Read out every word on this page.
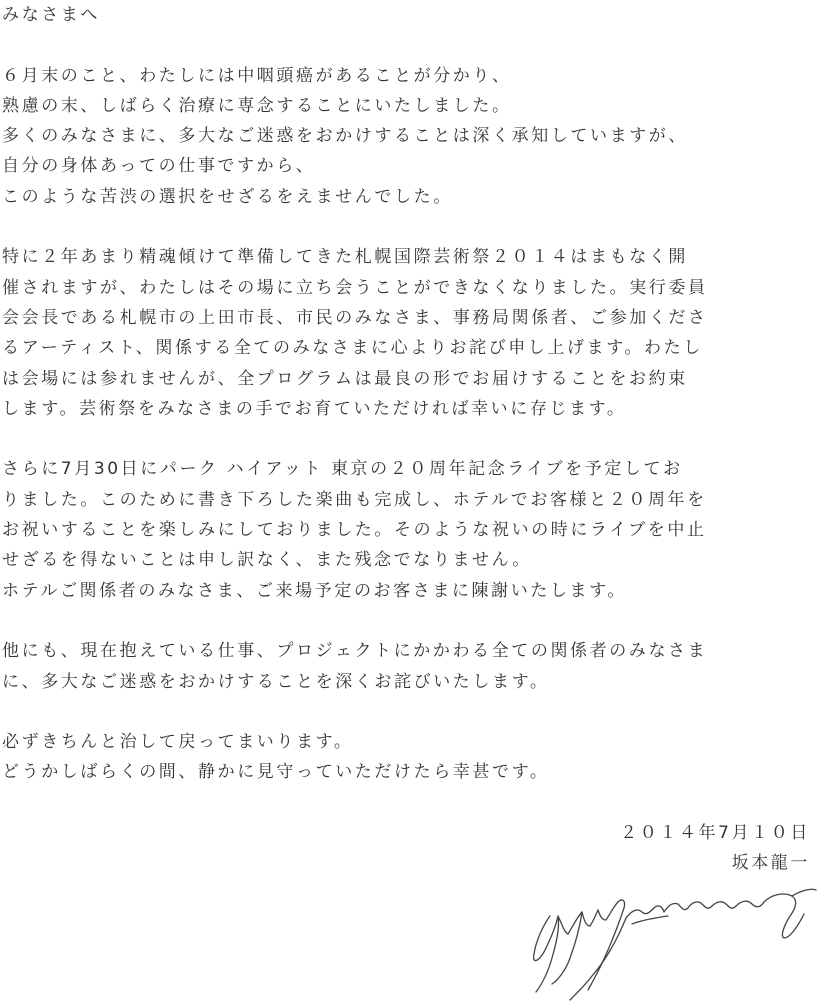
みなさまへ
６月末のこと、わたしには中咽頭癌があることが分かり、
熟慮の末、しばらく治療に専念することにいたしました。
多くのみなさまに、多大なご迷惑をおかけすることは深く承知していますが、
自分の身体あっての仕事ですから、
このような苦渋の選択をせざるをえませんでした。
特に２年あまり精魂傾けて準備してきた札幌国際芸術祭２０１４はまもなく開
催されますが、わたしはその場に立ち会うことができなくなりました。実行委員
会会長である札幌市の上田市長、市民のみなさま、事務局関係者、ご参加くださ
るアーティスト、関係する全てのみなさまに心よりお詫び申し上げます。わたし
は会場には参れませんが、全プログラムは最良の形でお届けすることをお約束
します。芸術祭をみなさまの手でお育ていただければ幸いに存じます。
さらに7月30日にパーク ハイアット 東京の２０周年記念ライブを予定してお
りました。このために書き下ろした楽曲も完成し、ホテルでお客様と２０周年を
お祝いすることを楽しみにしておりました。そのような祝いの時にライブを中止
せざるを得ないことは申し訳なく、また残念でなりません。
ホテルご関係者のみなさま、ご来場予定のお客さまに陳謝いたします。
他にも、現在抱えている仕事、プロジェクトにかかわる全ての関係者のみなさま
に、多大なご迷惑をおかけすることを深くお詫びいたします。
必ずきちんと治して戻ってまいります。
どうかしばらくの間、静かに見守っていただけたら幸甚です。
２０１４年7月１０日
坂本龍一
